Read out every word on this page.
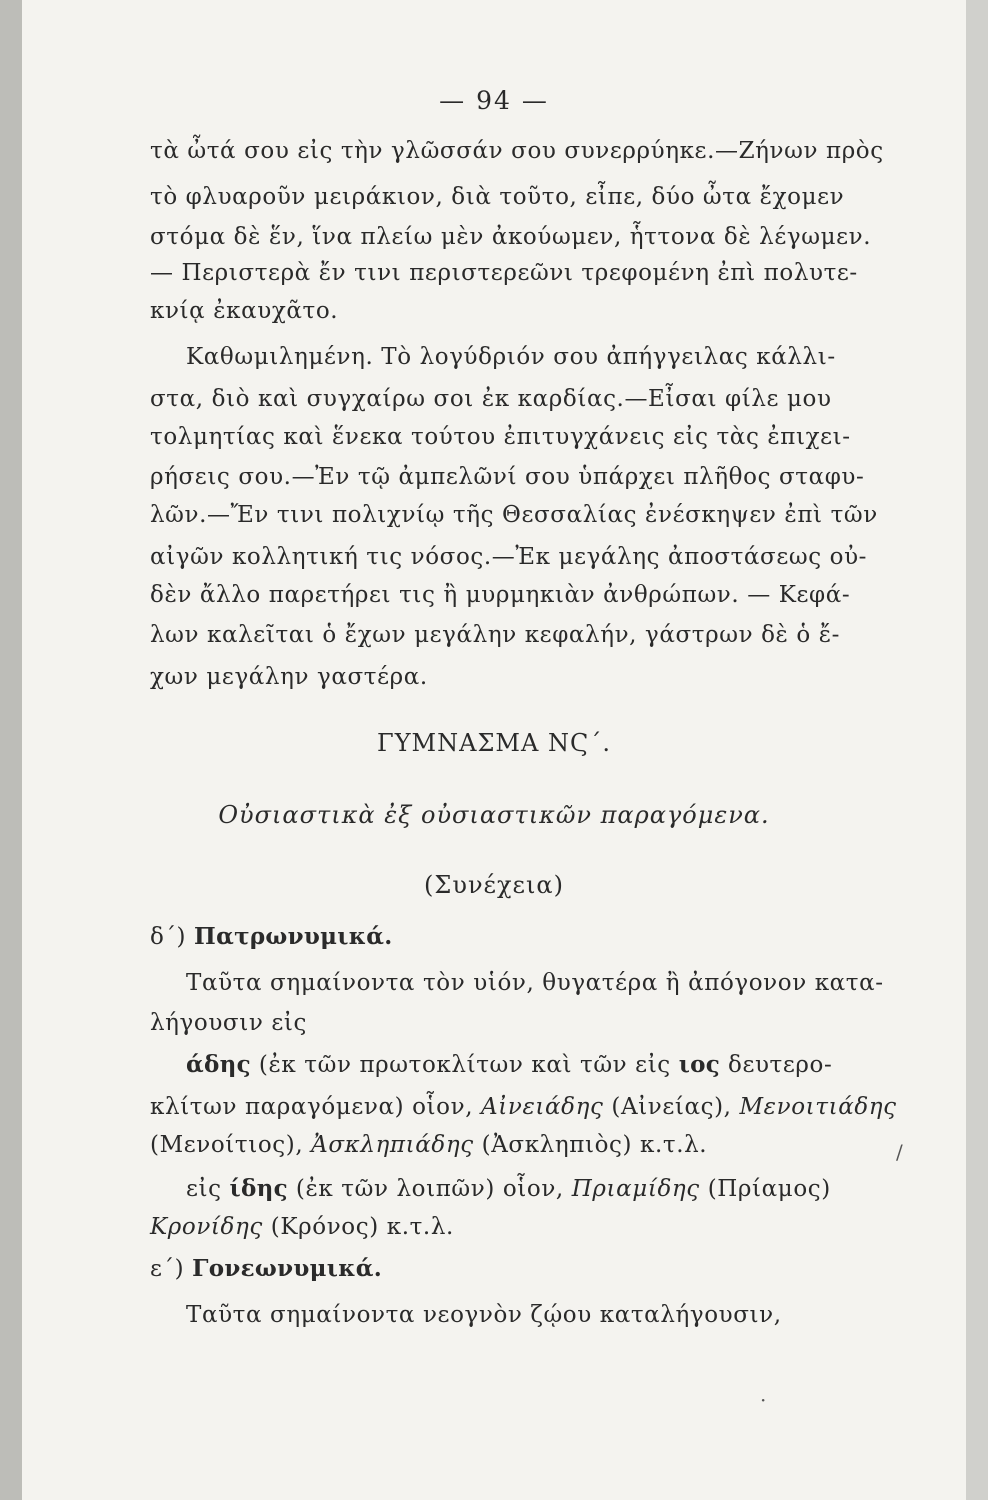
— 94 —
τὰ ὦτά σου εἰς τὴν γλῶσσάν σου συνερρύηκε.—Ζήνων πρὸς
τὸ φλυαροῦν μειράκιον, διὰ τοῦτο, εἶπε, δύο ὦτα ἔχομεν
στόμα δὲ ἕν, ἵνα πλείω μὲν ἀκούωμεν, ἧττονα δὲ λέγωμεν.
— Περιστερὰ ἔν τινι περιστερεῶνι τρεφομένη ἐπὶ πολυτε-
κνίᾳ ἐκαυχᾶτο.
Καθωμιλημένη. Τὸ λογύδριόν σου ἀπήγγειλας κάλλι-
στα, διὸ καὶ συγχαίρω σοι ἐκ καρδίας.—Εἶσαι φίλε μου
τολμητίας καὶ ἕνεκα τούτου ἐπιτυγχάνεις εἰς τὰς ἐπιχει-
ρήσεις σου.—Ἐν τῷ ἀμπελῶνί σου ὑπάρχει πλῆθος σταφυ-
λῶν.—Ἔν τινι πολιχνίῳ τῆς Θεσσαλίας ἐνέσκηψεν ἐπὶ τῶν
αἰγῶν κολλητική τις νόσος.—Ἐκ μεγάλης ἀποστάσεως οὐ-
δὲν ἄλλο παρετήρει τις ἢ μυρμηκιὰν ἀνθρώπων. — Κεφά-
λων καλεῖται ὁ ἔχων μεγάλην κεφαλήν, γάστρων δὲ ὁ ἔ-
χων μεγάλην γαστέρα.
ΓΥΜΝΑΣΜΑ ΝϚ΄.
Οὐσιαστικὰ ἐξ οὐσιαστικῶν παραγόμενα.
(Συνέχεια)
δ΄) Πατρωνυμικά.
Ταῦτα σημαίνοντα τὸν υἱόν, θυγατέρα ἢ ἀπόγονον κατα-
λήγουσιν εἰς
άδης (ἐκ τῶν πρωτοκλίτων καὶ τῶν εἰς ιος δευτερο-
κλίτων παραγόμενα) οἷον, Αἰνειάδης (Αἰνείας), Μενοιτιάδης
(Μενοίτιος), Ἀσκληπιάδης (Ἀσκληπιὸς) κ.τ.λ.
εἰς ίδης (ἐκ τῶν λοιπῶν) οἷον, Πριαμίδης (Πρίαμος)
Κρονίδης (Κρόνος) κ.τ.λ.
ε΄) Γονεωνυμικά.
Ταῦτα σημαίνοντα νεογνὸν ζῴου καταλήγουσιν,
·
/
